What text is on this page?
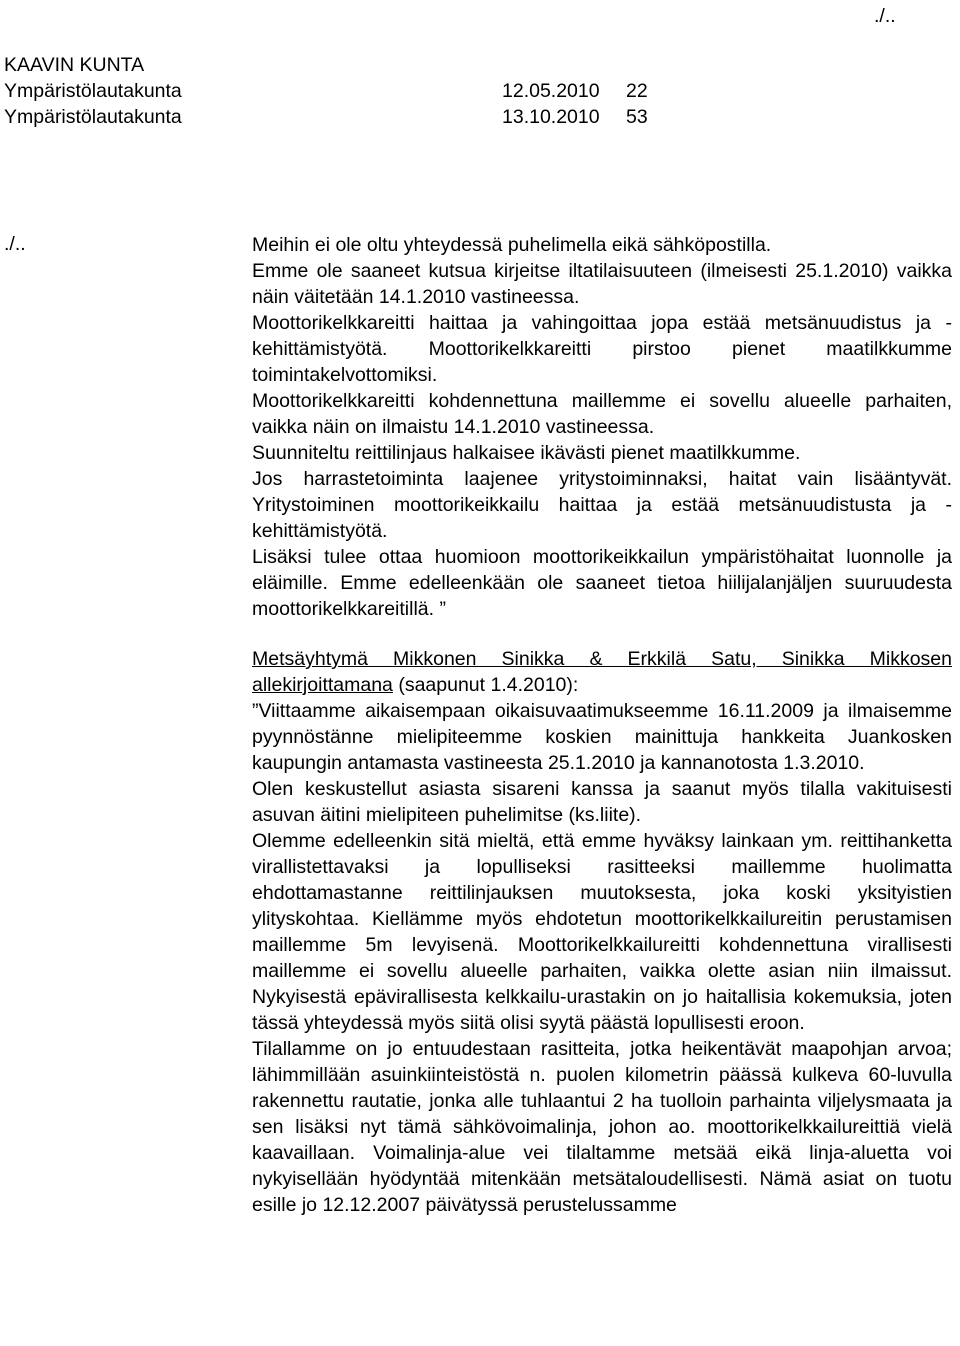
./..
KAAVIN KUNTA
Ympäristölautakunta	12.05.2010 22
Ympäristölautakunta	13.10.2010 53
./..	Meihin ei ole oltu yhteydessä puhelimella eikä sähköpostilla.

Emme ole saaneet kutsua kirjeitse iltatilaisuuteen (ilmeisesti 25.1.2010) vaikka näin väitetään 14.1.2010 vastineessa.

Moottorikelkkareitti haittaa ja vahingoittaa jopa estää metsänuudistus ja -kehittämistyötä. Moottorikelkkareitti pirstoo pienet maatilkkumme toimintakelvottomiksi.

Moottorikelkkareitti kohdennettuna maillemme ei sovellu alueelle parhaiten, vaikka näin on ilmaistu 14.1.2010 vastineessa.

Suunniteltu reittilinjaus halkaisee ikävästi pienet maatilkkumme.

Jos harrastetoiminta laajenee yritystoiminnaksi, haitat vain lisääntyvät. Yritystoiminen moottorikeikkailu haittaa ja estää metsänuudistusta ja -kehittämistyötä.

Lisäksi tulee ottaa huomioon moottorikeikkailun ympäristöhaitat luonnolle ja eläimille. Emme edelleenkään ole saaneet tietoa hiilijalanjäljen suuruudesta moottorikelkkareitillä. ”

Metsäyhtymä Mikkonen Sinikka & Erkkilä Satu, Sinikka Mikkosen allekirjoittamana (saapunut 1.4.2010):

”Viittaamme aikaisempaan oikaisuvaatimukseemme 16.11.2009 ja ilmaisemme pyynnöstänne mielipiteemme koskien mainittuja hankkeita Juankosken kaupungin antamasta vastineesta 25.1.2010 ja kannanotosta 1.3.2010.

Olen keskustellut asiasta sisareni kanssa ja saanut myös tilalla vakituisesti asuvan äitini mielipiteen puhelimitse (ks.liite).

Olemme edelleenkin sitä mieltä, että emme hyväksy lainkaan ym. reittihanketta virallistettavaksi ja lopulliseksi rasitteeksi maillemme huolimatta ehdottamastanne reittilinjauksen muutoksesta, joka koski yksityistien ylityskohtaa. Kiellämme myös ehdotetun moottorikelkkailureitin perustamisen maillemme 5m levyisenä. Moottorikelkkailureitti kohdennettuna virallisesti maillemme ei sovellu alueelle parhaiten, vaikka olette asian niin ilmaissut. Nykyisestä epävirallisesta kelkkailu-urastakin on jo haitallisia kokemuksia, joten tässä yhteydessä myös siitä olisi syytä päästä lopullisesti eroon.

Tilallamme on jo entuudestaan rasitteita, jotka heikentävät maapohjan arvoa; lähimmillään asuinkiinteistöstä n. puolen kilometrin päässä kulkeva 60-luvulla rakennettu rautatie, jonka alle tuhlaantui 2 ha tuolloin parhainta viljelysmaata ja sen lisäksi nyt tämä sähkövoimalinja, johon ao. moottorikelkkailureittiä vielä kaavaillaan. Voimalinja-alue vei tilaltamme metsää eikä linja-aluetta voi nykyisellään hyödyntää mitenkään metsätaloudellisesti. Nämä asiat on tuotu esille jo 12.12.2007 päivätyssä perustelussamme
